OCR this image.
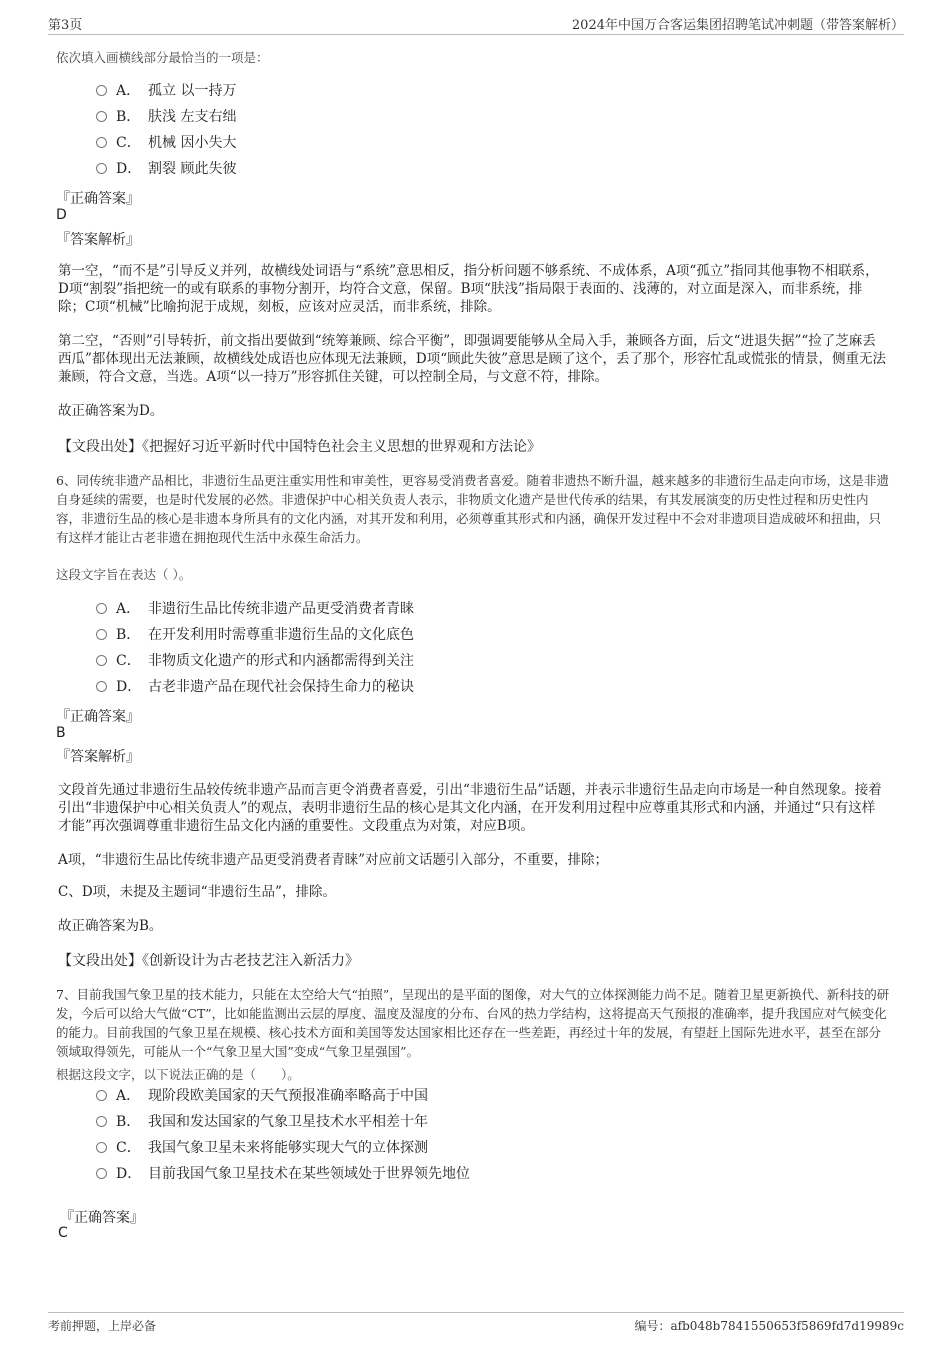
第3页	2024年中国万合客运集团招聘笔试冲刺题（带答案解析）
依次填入画横线部分最恰当的一项是：
A． 孤立 以一持万
B． 肤浅 左支右绌
C． 机械 因小失大
D． 割裂 顾此失彼
『正确答案』
D
『答案解析』
第一空，“而不是”引导反义并列，故横线处词语与“系统”意思相反，指分析问题不够系统、不成体系，A项“孤立”指同其他事物不相联系，D项“割裂”指把统一的或有联系的事物分割开，均符合文意，保留。B项“肤浅”指局限于表面的、浅薄的，对立面是深入，而非系统，排除；C项“机械”比喻拘泥于成规，刻板，应该对应灵活，而非系统，排除。
第二空，“否则”引导转折，前文指出要做到“统筹兼顾、综合平衡”，即强调要能够从全局入手，兼顾各方面，后文“进退失据”“捡了芝麻丢西瓜”都体现出无法兼顾，故横线处成语也应体现无法兼顾，D项“顾此失彼”意思是顾了这个，丢了那个，形容忙乱或慌张的情景，侧重无法兼顾，符合文意，当选。A项“以一持万”形容抓住关键，可以控制全局，与文意不符，排除。
故正确答案为D。
【文段出处】《把握好习近平新时代中国特色社会主义思想的世界观和方法论》
6、同传统非遗产品相比，非遗衍生品更注重实用性和审美性，更容易受消费者喜爱。随着非遗热不断升温，越来越多的非遗衍生品走向市场，这是非遗自身延续的需要，也是时代发展的必然。非遗保护中心相关负责人表示，非物质文化遗产是世代传承的结果，有其发展演变的历史性过程和历史性内容，非遗衍生品的核心是非遗本身所具有的文化内涵，对其开发和利用，必须尊重其形式和内涵，确保开发过程中不会对非遗项目造成破坏和扭曲，只有这样才能让古老非遗在拥抱现代生活中永葆生命活力。
这段文字旨在表达（ ）。
A． 非遗衍生品比传统非遗产品更受消费者青睐
B． 在开发利用时需尊重非遗衍生品的文化底色
C． 非物质文化遗产的形式和内涵都需得到关注
D． 古老非遗产品在现代社会保持生命力的秘诀
『正确答案』
B
『答案解析』
文段首先通过非遗衍生品较传统非遗产品而言更令消费者喜爱，引出“非遗衍生品”话题，并表示非遗衍生品走向市场是一种自然现象。接着引出“非遗保护中心相关负责人”的观点，表明非遗衍生品的核心是其文化内涵，在开发利用过程中应尊重其形式和内涵，并通过“只有这样才能”再次强调尊重非遗衍生品文化内涵的重要性。文段重点为对策，对应B项。
A项，“非遗衍生品比传统非遗产品更受消费者青睐”对应前文话题引入部分，不重要，排除；
C、D项，未提及主题词“非遗衍生品”，排除。
故正确答案为B。
【文段出处】《创新设计为古老技艺注入新活力》
7、目前我国气象卫星的技术能力，只能在太空给大气“拍照”，呈现出的是平面的图像，对大气的立体探测能力尚不足。随着卫星更新换代、新科技的研发，今后可以给大气做“CT”，比如能监测出云层的厚度、温度及湿度的分布、台风的热力学结构，这将提高天气预报的准确率，提升我国应对气候变化的能力。目前我国的气象卫星在规模、核心技术方面和美国等发达国家相比还存在一些差距，再经过十年的发展，有望赶上国际先进水平，甚至在部分领域取得领先，可能从一个“气象卫星大国”变成“气象卫星强国”。
根据这段文字，以下说法正确的是（　　）。
A． 现阶段欧美国家的天气预报准确率略高于中国
B． 我国和发达国家的气象卫星技术水平相差十年
C． 我国气象卫星未来将能够实现大气的立体探测
D． 目前我国气象卫星技术在某些领域处于世界领先地位
『正确答案』
C
考前押题，上岸必备	编号：afb048b7841550653f5869fd7d19989c
